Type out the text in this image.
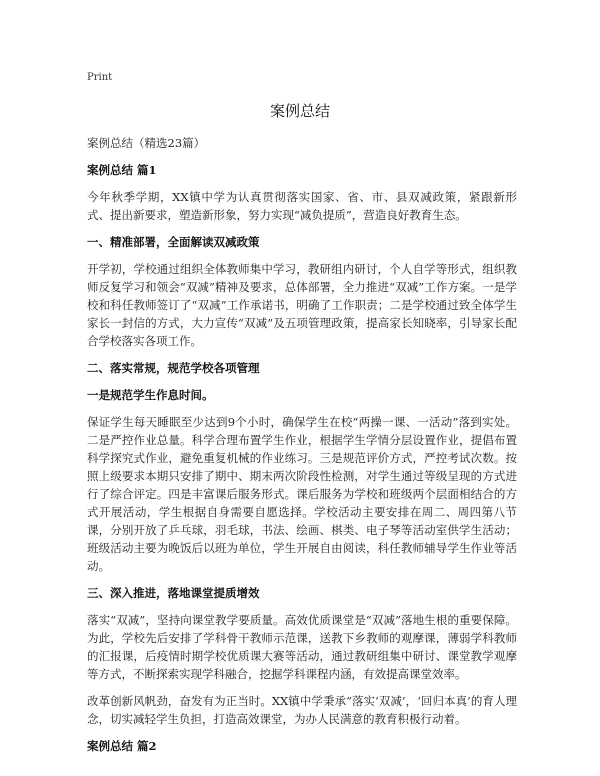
Print
案例总结

案例总结（精选23篇）

案例总结 篇1

今年秋季学期，XX镇中学为认真贯彻落实国家、省、市、县双减政策，紧跟新形式、提出新要求，塑造新形象，努力实现“减负提质”，营造良好教育生态。

一、精准部署，全面解读双减政策

开学初，学校通过组织全体教师集中学习，教研组内研讨，个人自学等形式，组织教师反复学习和领会“双减”精神及要求，总体部署，全力推进“双减”工作方案。一是学校和科任教师签订了“双减”工作承诺书，明确了工作职责；二是学校通过致全体学生家长一封信的方式，大力宣传“双减”及五项管理政策，提高家长知晓率，引导家长配合学校落实各项工作。

二、落实常规，规范学校各项管理

一是规范学生作息时间。

保证学生每天睡眠至少达到9个小时，确保学生在校“两操一课、一活动”落到实处。二是严控作业总量。科学合理布置学生作业，根据学生学情分层设置作业，提倡布置科学探究式作业，避免重复机械的作业练习。三是规范评价方式，严控考试次数。按照上级要求本期只安排了期中、期末两次阶段性检测，对学生通过等级呈现的方式进行了综合评定。四是丰富课后服务形式。课后服务为学校和班级两个层面相结合的方式开展活动，学生根据自身需要自愿选择。学校活动主要安排在周二、周四第八节课，分别开放了乒乓球，羽毛球，书法、绘画、棋类、电子琴等活动室供学生活动；班级活动主要为晚饭后以班为单位，学生开展自由阅读，科任教师辅导学生作业等活动。

三、深入推进，落地课堂提质增效

落实“双减”，坚持向课堂教学要质量。高效优质课堂是“双减”落地生根的重要保障。为此，学校先后安排了学科骨干教师示范课，送教下乡教师的观摩课，薄弱学科教师的汇报课，后疫情时期学校优质课大赛等活动，通过教研组集中研讨、课堂教学观摩等方式，不断探索实现学科融合，挖掘学科课程内涵，有效提高课堂效率。

改革创新风帆劲，奋发有为正当时。XX镇中学秉承“落实‘双减’，‘回归本真’的育人理念，切实减轻学生负担，打造高效课堂，为办人民满意的教育积极行动着。

案例总结 篇2
